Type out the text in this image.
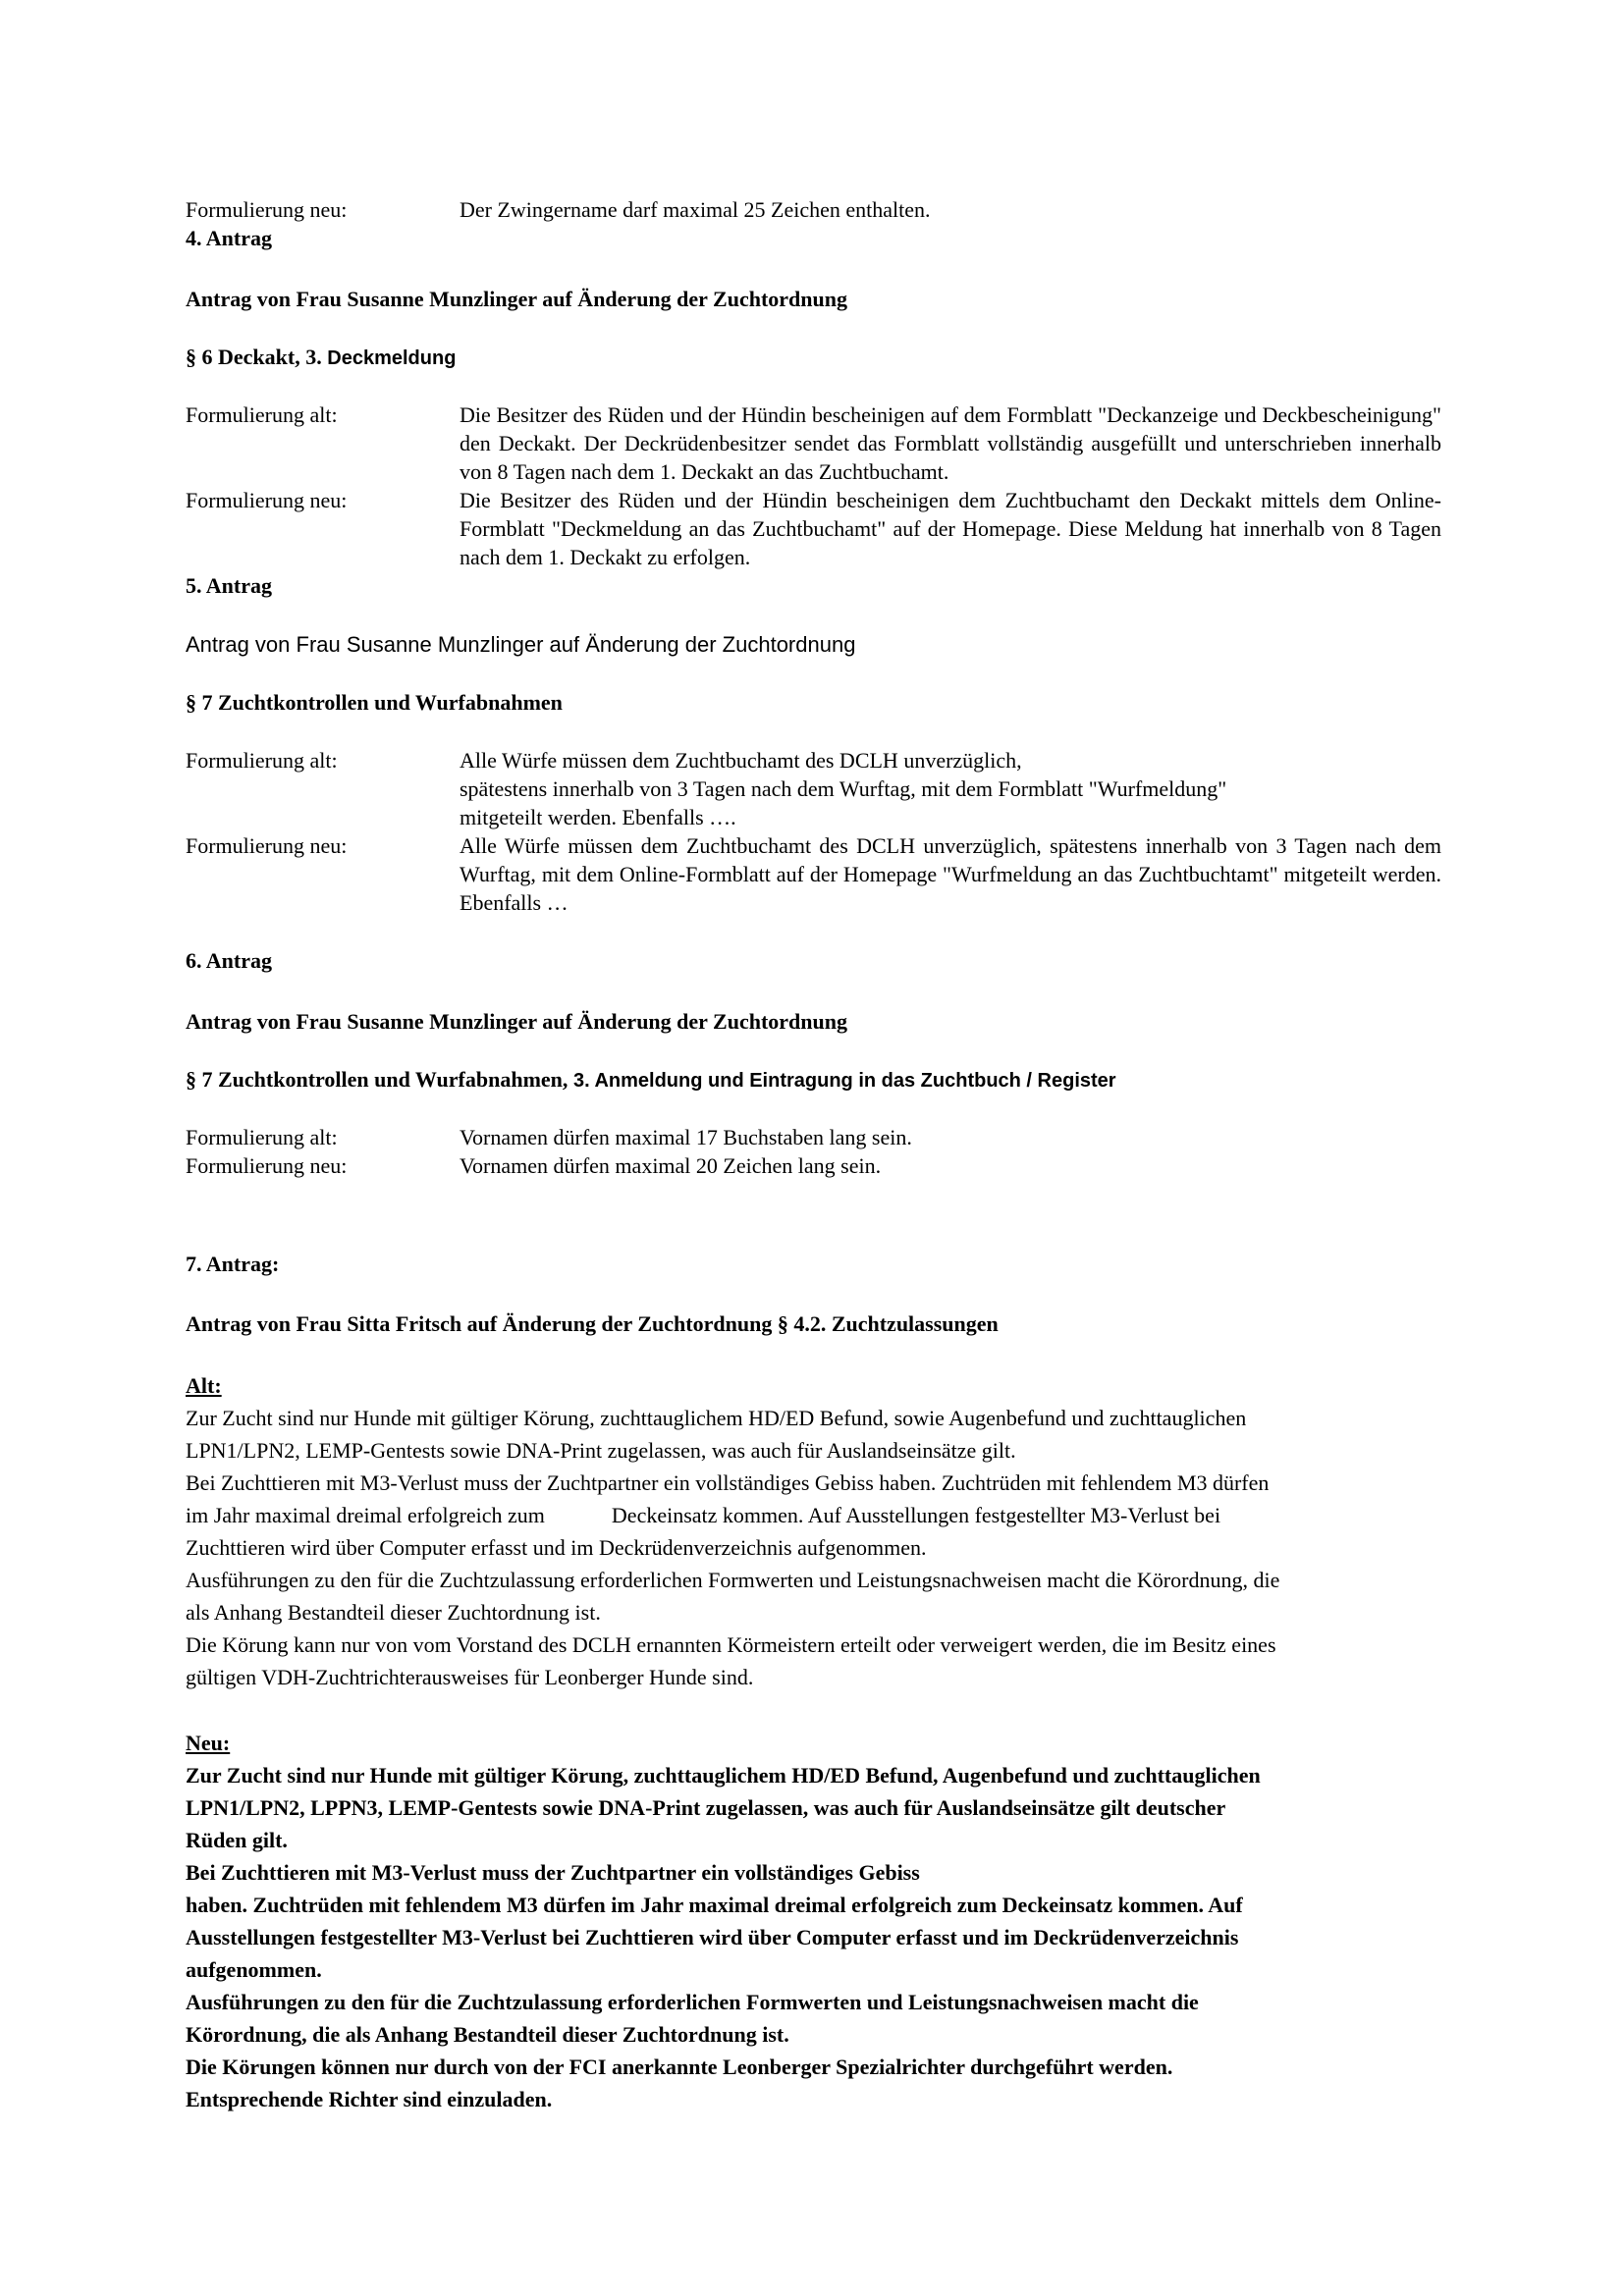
Formulierung neu:	Der Zwingername darf maximal 25 Zeichen enthalten.
4. Antrag
Antrag von Frau Susanne Munzlinger auf Änderung der Zuchtordnung
§ 6 Deckakt, 3. Deckmeldung
Formulierung alt:	Die Besitzer des Rüden und der Hündin bescheinigen auf dem Formblatt "Deckanzeige und Deckbescheinigung" den Deckakt. Der Deckrüdenbesitzer sendet das Formblatt vollständig ausgefüllt und unterschrieben innerhalb von 8 Tagen nach dem 1. Deckakt an das Zuchtbuchamt.
Formulierung neu:	Die Besitzer des Rüden und der Hündin bescheinigen dem Zuchtbuchamt den Deckakt mittels dem Online-Formblatt "Deckmeldung an das Zuchtbuchamt" auf der Homepage. Diese Meldung hat innerhalb von 8 Tagen nach dem 1. Deckakt zu erfolgen.
5. Antrag
Antrag von Frau Susanne Munzlinger auf Änderung der Zuchtordnung
§ 7 Zuchtkontrollen und Wurfabnahmen
Formulierung alt:	Alle Würfe müssen dem Zuchtbuchamt des DCLH unverzüglich,
spätestens innerhalb von 3 Tagen nach dem Wurftag, mit dem Formblatt "Wurfmeldung"
mitgeteilt werden. Ebenfalls ….
Formulierung neu:	Alle Würfe müssen dem Zuchtbuchamt des DCLH unverzüglich, spätestens innerhalb von 3 Tagen nach dem Wurftag, mit dem Online-Formblatt auf der Homepage "Wurfmeldung an das Zuchtbuchtamt" mitgeteilt werden. Ebenfalls …
6. Antrag
Antrag von Frau Susanne Munzlinger auf Änderung der Zuchtordnung
§ 7 Zuchtkontrollen und Wurfabnahmen, 3. Anmeldung und Eintragung in das Zuchtbuch / Register
Formulierung alt:	Vornamen dürfen maximal 17 Buchstaben lang sein.
Formulierung neu:	Vornamen dürfen maximal 20 Zeichen lang sein.
7. Antrag:
Antrag von Frau Sitta Fritsch auf Änderung der Zuchtordnung § 4.2. Zuchtzulassungen
Alt:
Zur Zucht sind nur Hunde mit gültiger Körung, zuchttauglichem HD/ED Befund, sowie Augenbefund und zuchttauglichen
LPN1/LPN2, LEMP-Gentests sowie DNA-Print zugelassen, was auch für Auslandseinsätze gilt.
Bei Zuchttieren mit M3-Verlust muss der Zuchtpartner ein vollständiges Gebiss haben. Zuchtrüden mit fehlendem M3 dürfen
im Jahr maximal dreimal erfolgreich zum	Deckeinsatz kommen. Auf Ausstellungen festgestellter M3-Verlust bei
Zuchttieren wird über Computer erfasst und im Deckrüdenverzeichnis aufgenommen.
Ausführungen zu den für die Zuchtzulassung erforderlichen Formwerten und Leistungsnachweisen macht die Körordnung, die
als Anhang Bestandteil dieser Zuchtordnung ist.
Die Körung kann nur von vom Vorstand des DCLH ernannten Körmeistern erteilt oder verweigert werden, die im Besitz eines
gültigen VDH-Zuchtrichterausweises für Leonberger Hunde sind.
Neu:
Zur Zucht sind nur Hunde mit gültiger Körung, zuchttauglichem HD/ED Befund, Augenbefund und zuchttauglichen
LPN1/LPN2, LPPN3, LEMP-Gentests sowie DNA-Print zugelassen, was auch für Auslandseinsätze gilt deutscher
Rüden gilt.
Bei Zuchttieren mit M3-Verlust muss der Zuchtpartner ein vollständiges Gebiss
haben. Zuchtrüden mit fehlendem M3 dürfen im Jahr maximal dreimal erfolgreich zum Deckeinsatz kommen. Auf
Ausstellungen festgestellter M3-Verlust bei Zuchttieren wird über Computer erfasst und im Deckrüdenverzeichnis
aufgenommen.
Ausführungen zu den für die Zuchtzulassung erforderlichen Formwerten und Leistungsnachweisen macht die
Körordnung, die als Anhang Bestandteil dieser Zuchtordnung ist.
Die Körungen können nur durch von der FCI anerkannte Leonberger Spezialrichter durchgeführt werden.
Entsprechende Richter sind einzuladen.
